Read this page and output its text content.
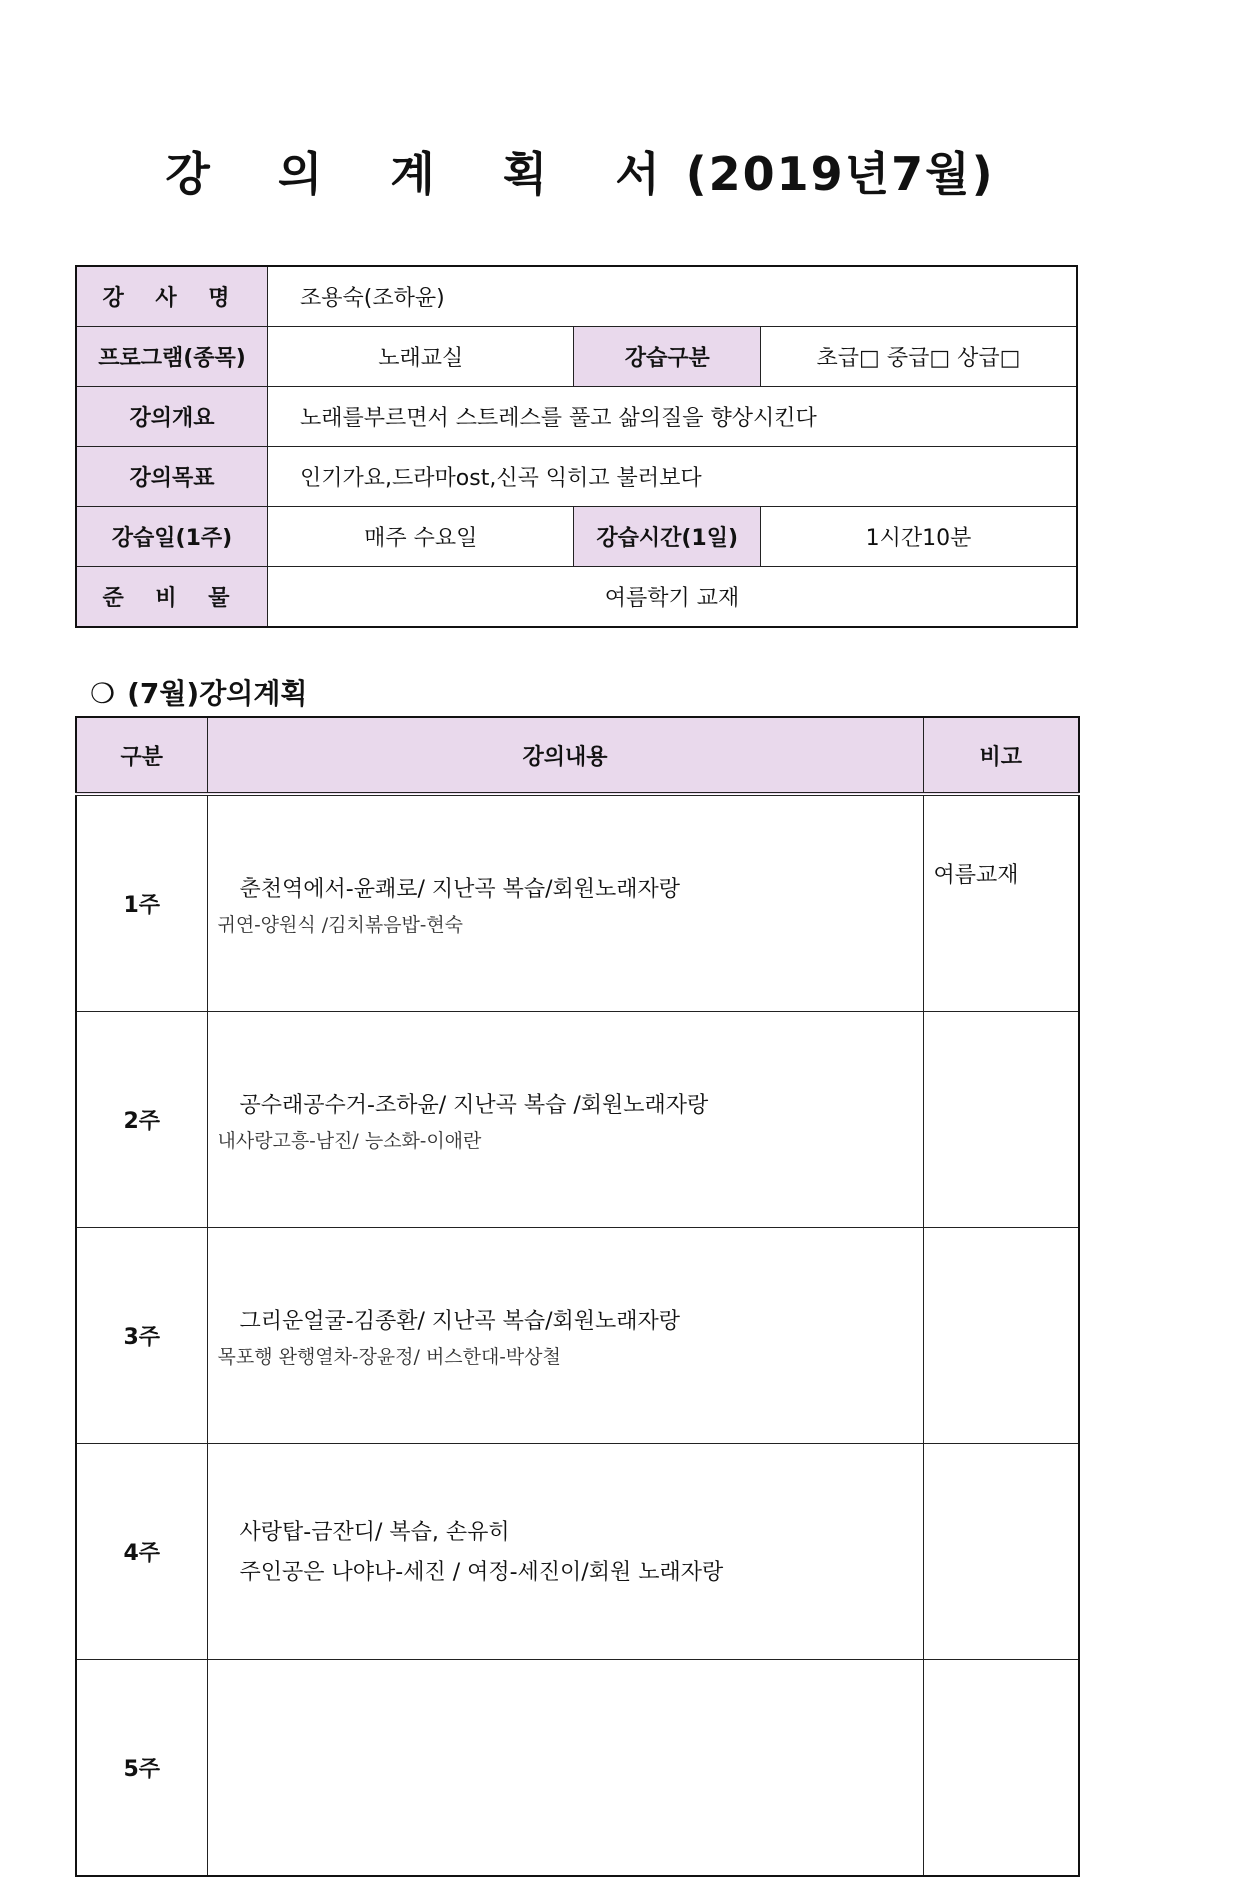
강 의 계 획 서(2019년7월)
강 사 명	조용숙(조하윤)		
프로그램(종목)	노래교실	강습구분	초급□ 중급□ 상급□
강의개요	노래를부르면서 스트레스를 풀고 삶의질을 향상시킨다		
강의목표	인기가요,드라마ost,신곡 익히고 불러보다		
강습일(1주)	매주 수요일	강습시간(1일)	1시간10분
준 비 물	여름학기 교재		
❍ (7월)강의계획
구분	강의내용	비고
1주	춘천역에서-윤쾌로/ 지난곡 복습/회원노래자랑
귀연-양원식 /김치볶음밥-현숙	여름교재
2주	공수래공수거-조하윤/ 지난곡 복습 /회원노래자랑
내사랑고흥-남진/ 능소화-이애란	

3주	그리운얼굴-김종환/ 지난곡 복습/회원노래자랑
목포행 완행열차-장윤정/ 버스한대-박상철	

4주	사랑탑-금잔디/ 복습, 손유히
주인공은 나야나-세진 / 여정-세진이/회원 노래자랑	

5주	
